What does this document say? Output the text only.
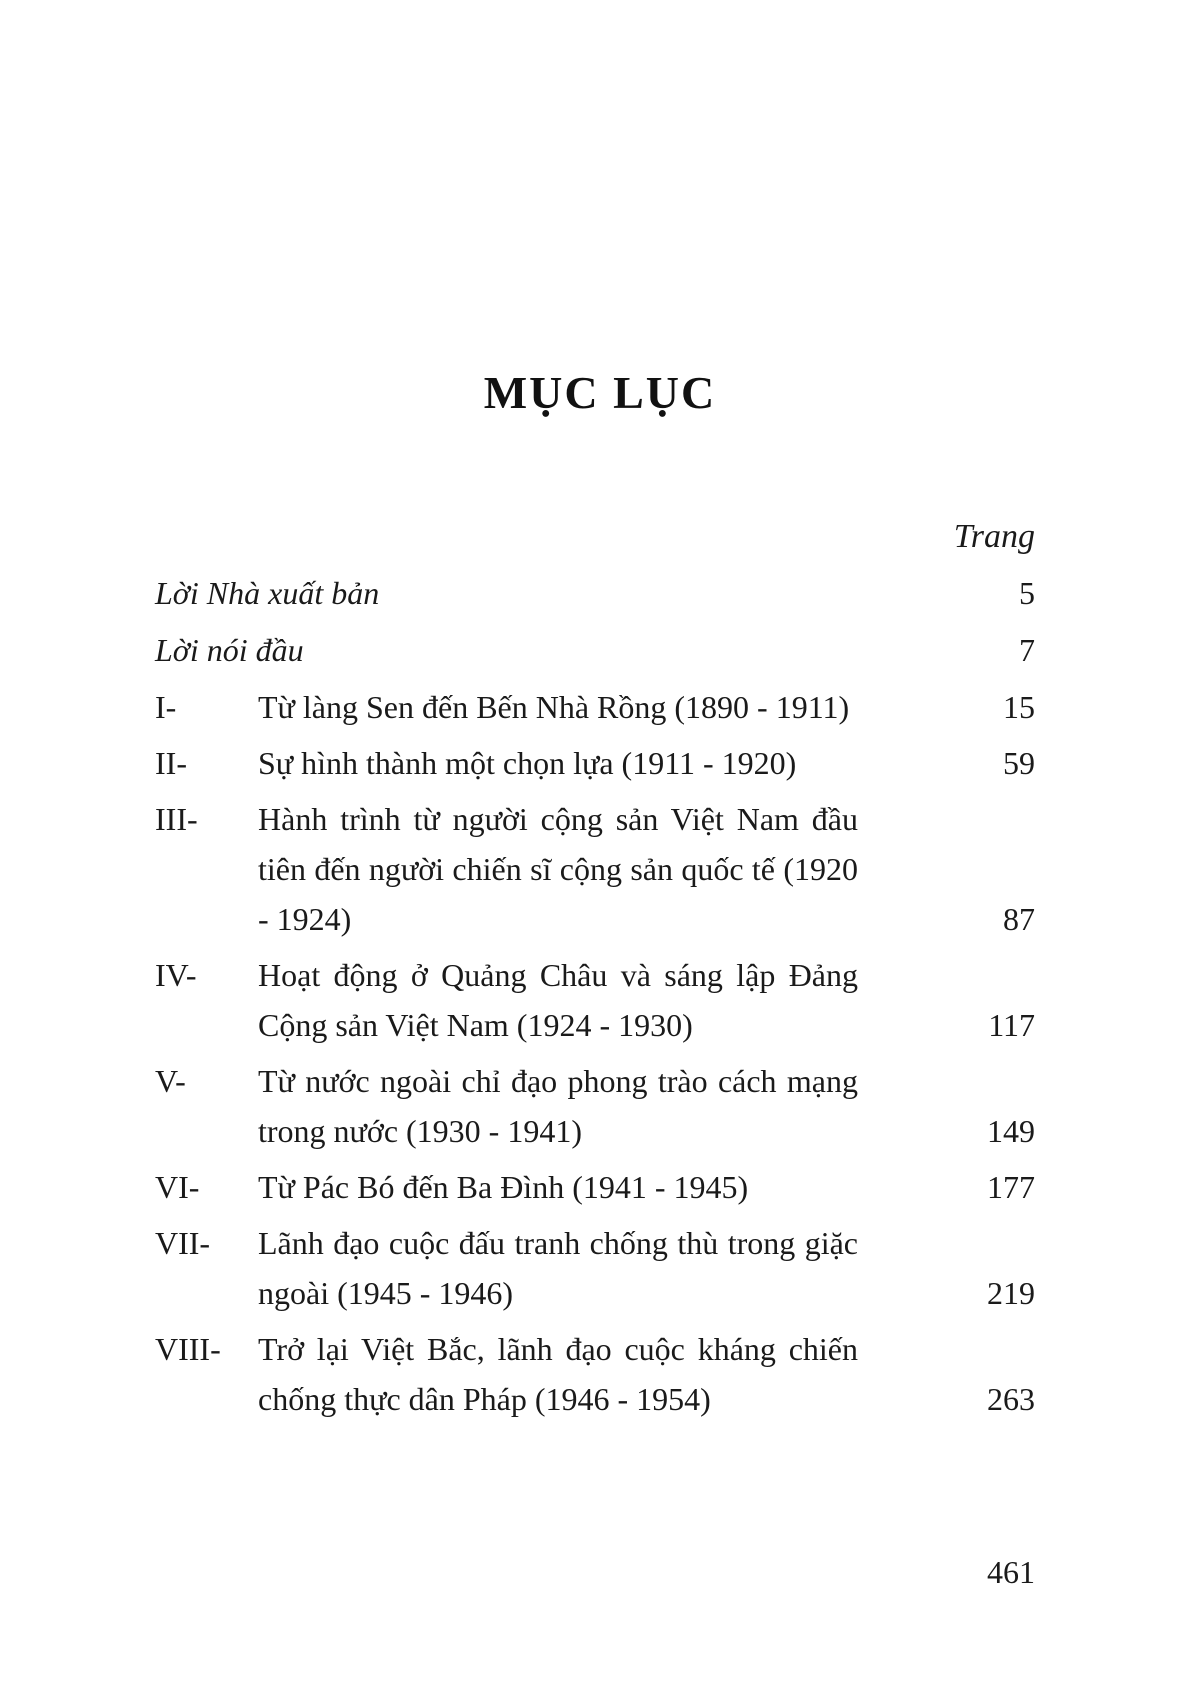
MỤC LỤC
Trang
Lời Nhà xuất bản	5
Lời nói đầu	7
I-	Từ làng Sen đến Bến Nhà Rồng (1890 - 1911)	15
II-	Sự hình thành một chọn lựa (1911 - 1920)	59
III-	Hành trình từ người cộng sản Việt Nam đầu tiên đến người chiến sĩ cộng sản quốc tế (1920 - 1924)	87
IV-	Hoạt động ở Quảng Châu và sáng lập Đảng Cộng sản Việt Nam (1924 - 1930)	117
V-	Từ nước ngoài chỉ đạo phong trào cách mạng trong nước (1930 - 1941)	149
VI-	Từ Pác Bó đến Ba Đình (1941 - 1945)	177
VII-	Lãnh đạo cuộc đấu tranh chống thù trong giặc ngoài (1945 - 1946)	219
VIII-	Trở lại Việt Bắc, lãnh đạo cuộc kháng chiến chống thực dân Pháp (1946 - 1954)	263
461
